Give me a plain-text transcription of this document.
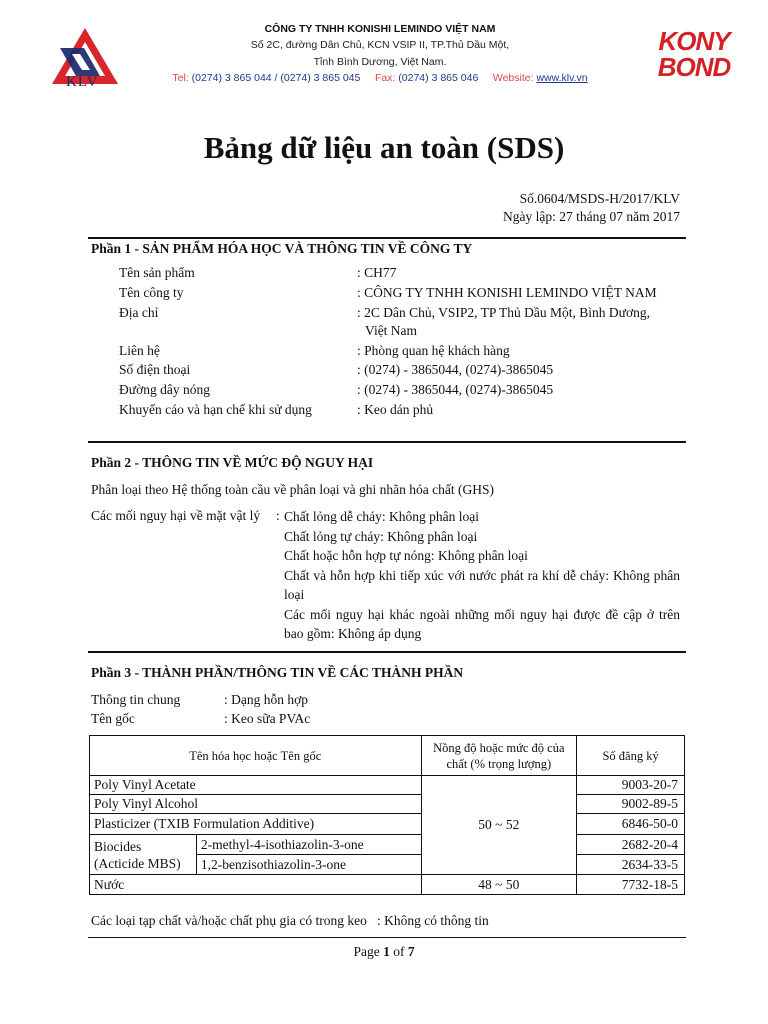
KLV
CÔNG TY TNHH KONISHI LEMINDO VIỆT NAM
Số 2C, đường Dân Chủ, KCN VSIP II, TP.Thủ Dầu Một,
Tỉnh Bình Dương, Việt Nam.
Tel: (0274) 3 865 044 / (0274) 3 865 045 Fax: (0274) 3 865 046 Website: www.klv.vn
KONY
BOND
Bảng dữ liệu an toàn (SDS)
Số.0604/MSDS-H/2017/KLV
Ngày lập: 27 tháng 07 năm 2017
Phần 1 - SẢN PHẨM HÓA HỌC VÀ THÔNG TIN VỀ CÔNG TY
Tên sản phẩm	: CH77
Tên công ty	: CÔNG TY TNHH KONISHI LEMINDO VIỆT NAM
Địa chỉ	: 2C Dân Chủ, VSIP2, TP Thủ Dầu Một, Bình Dương,
Việt Nam
Liên hệ	: Phòng quan hệ khách hàng
Số điện thoại	: (0274) - 3865044, (0274)-3865045
Đường dây nóng	: (0274) - 3865044, (0274)-3865045
Khuyến cáo và hạn chế khi sử dụng	: Keo dán phủ
Phần 2 - THÔNG TIN VỀ MỨC ĐỘ NGUY HẠI
Phân loại theo Hệ thống toàn cầu về phân loại và ghi nhãn hóa chất (GHS)
Các mối nguy hại về mặt vật lý : Chất lỏng dễ cháy: Không phân loại
Chất lỏng tự cháy: Không phân loại
Chất hoặc hỗn hợp tự nóng: Không phân loại
Chất và hỗn hợp khi tiếp xúc với nước phát ra khí dễ cháy: Không phân loại
Các mối nguy hại khác ngoài những mối nguy hại được đề cập ở trên bao gồm: Không áp dụng
Phần 3 - THÀNH PHẦN/THÔNG TIN VỀ CÁC THÀNH PHẦN
Thông tin chung	: Dạng hỗn hợp
Tên gốc	: Keo sữa PVAc
Tên hóa học hoặc Tên gốc		Nồng độ hoặc mức độ của chất (% trọng lượng)	Số đăng ký
Poly Vinyl Acetate		50 ~ 52	9003-20-7
Poly Vinyl Alcohol			9002-89-5
Plasticizer (TXIB Formulation Additive)			6846-50-0
Biocides (Acticide MBS)	2-methyl-4-isothiazolin-3-one		2682-20-4
	1,2-benzisothiazolin-3-one		2634-33-5
Nước		48 ~ 50	7732-18-5
Các loại tạp chất và/hoặc chất phụ gia có trong keo   : Không có thông tin
Page 1 of 7
